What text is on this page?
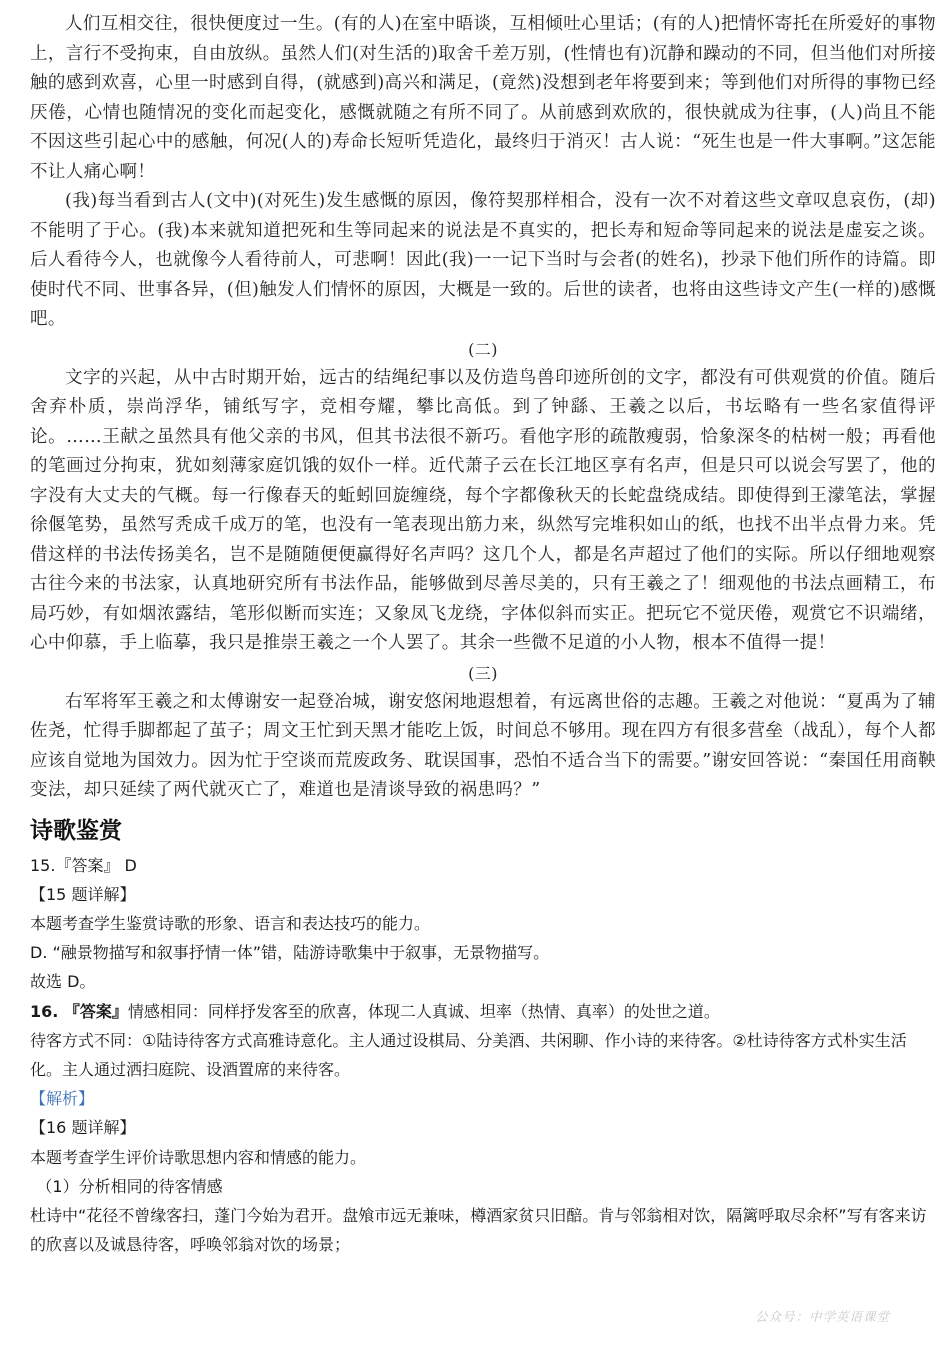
人们互相交往，很快便度过一生。(有的人)在室中晤谈，互相倾吐心里话；(有的人)把情怀寄托在所爱好的事物上，言行不受拘束，自由放纵。虽然人们(对生活的)取舍千差万别，(性情也有)沉静和躁动的不同，但当他们对所接触的感到欢喜，心里一时感到自得，(就感到)高兴和满足，(竟然)没想到老年将要到来；等到他们对所得的事物已经厌倦，心情也随情况的变化而起变化，感慨就随之有所不同了。从前感到欢欣的，很快就成为往事，(人)尚且不能不因这些引起心中的感触，何况(人的)寿命长短听凭造化，最终归于消灭！古人说：“死生也是一件大事啊。”这怎能不让人痛心啊！

(我)每当看到古人(文中)(对死生)发生感慨的原因，像符契那样相合，没有一次不对着这些文章叹息哀伤，(却)不能明了于心。(我)本来就知道把死和生等同起来的说法是不真实的，把长寿和短命等同起来的说法是虚妄之谈。后人看待今人，也就像今人看待前人，可悲啊！因此(我)一一记下当时与会者(的姓名)，抄录下他们所作的诗篇。即使时代不同、世事各异，(但)触发人们情怀的原因，大概是一致的。后世的读者，也将由这些诗文产生(一样的)感慨吧。

(二)

文字的兴起，从中古时期开始，远古的结绳纪事以及仿造鸟兽印迹所创的文字，都没有可供观赏的价值。随后舍弃朴质，崇尚浮华，铺纸写字，竞相夸耀，攀比高低。到了钟繇、王羲之以后，书坛略有一些名家值得评论。……王献之虽然具有他父亲的书风，但其书法很不新巧。看他字形的疏散瘦弱，恰象深冬的枯树一般；再看他的笔画过分拘束，犹如刻薄家庭饥饿的奴仆一样。近代萧子云在长江地区享有名声，但是只可以说会写罢了，他的字没有大丈夫的气概。每一行像春天的蚯蚓回旋缠绕，每个字都像秋天的长蛇盘绕成结。即使得到王濛笔法，掌握徐偃笔势，虽然写秃成千成万的笔，也没有一笔表现出筋力来，纵然写完堆积如山的纸，也找不出半点骨力来。凭借这样的书法传扬美名，岂不是随随便便赢得好名声吗？这几个人，都是名声超过了他们的实际。所以仔细地观察古往今来的书法家，认真地研究所有书法作品，能够做到尽善尽美的，只有王羲之了！细观他的书法点画精工，布局巧妙，有如烟浓露结，笔形似断而实连；又象凤飞龙绕，字体似斜而实正。把玩它不觉厌倦，观赏它不识端绪，心中仰慕，手上临摹，我只是推崇王羲之一个人罢了。其余一些微不足道的小人物，根本不值得一提！

(三)

右军将军王羲之和太傅谢安一起登冶城，谢安悠闲地遐想着，有远离世俗的志趣。王羲之对他说：“夏禹为了辅佐尧，忙得手脚都起了茧子；周文王忙到天黑才能吃上饭，时间总不够用。现在四方有很多营垒（战乱），每个人都应该自觉地为国效力。因为忙于空谈而荒废政务、耽误国事，恐怕不适合当下的需要。”谢安回答说：“秦国任用商鞅变法，却只延续了两代就灭亡了，难道也是清谈导致的祸患吗？”

诗歌鉴赏

15.『答案』 D

【15 题详解】

本题考查学生鉴赏诗歌的形象、语言和表达技巧的能力。

D. “融景物描写和叙事抒情一体”错，陆游诗歌集中于叙事，无景物描写。

故选 D。

16. 『答案』情感相同：同样抒发客至的欣喜，体现二人真诚、坦率（热情、真率）的处世之道。

待客方式不同：①陆诗待客方式高雅诗意化。主人通过设棋局、分美酒、共闲聊、作小诗的来待客。②杜诗待客方式朴实生活化。主人通过洒扫庭院、设酒置席的来待客。

【解析】

【16 题详解】

本题考查学生评价诗歌思想内容和情感的能力。

（1）分析相同的待客情感

杜诗中“花径不曾缘客扫，蓬门今始为君开。盘飧市远无兼味，樽酒家贫只旧醅。肯与邻翁相对饮，隔篱呼取尽余杯”写有客来访的欣喜以及诚恳待客，呼唤邻翁对饮的场景；

公众号：中学英语课堂
